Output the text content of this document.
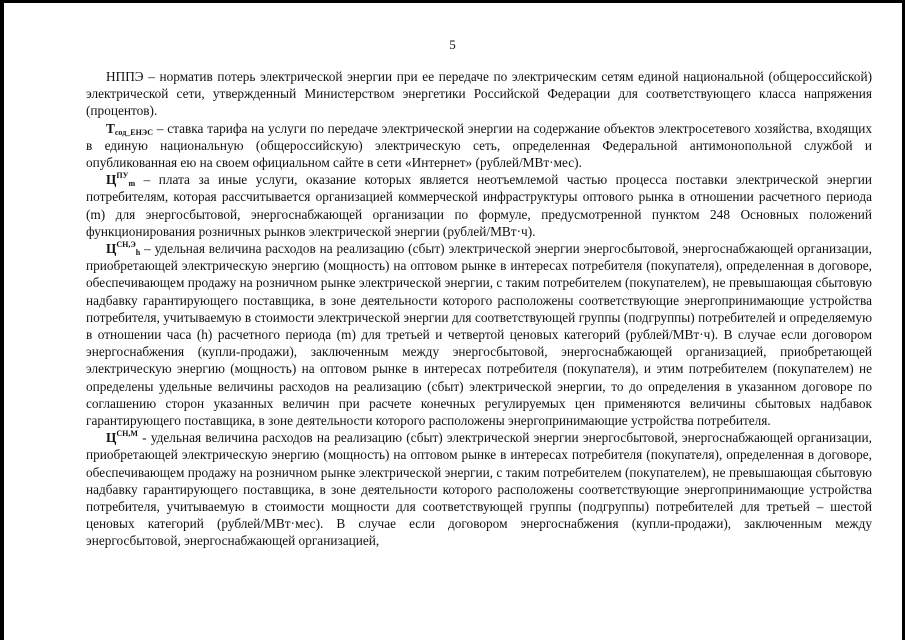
5

НППЭ – норматив потерь электрической энергии при ее передаче по электрическим сетям единой национальной (общероссийской) электрической сети, утвержденный Министерством энергетики Российской Федерации для соответствующего класса напряжения (процентов).

$Т_{сод\_ЕНЭС}$ – ставка тарифа на услуги по передаче электрической энергии на содержание объектов электросетевого хозяйства, входящих в единую национальную (общероссийскую) электрическую сеть, определенная Федеральной антимонопольной службой и опубликованная ею на своем официальном сайте в сети «Интернет» (рублей/МВт·мес).

$Ц^{ПУ}_m$ – плата за иные услуги, оказание которых является неотъемлемой частью процесса поставки электрической энергии потребителям, которая рассчитывается организацией коммерческой инфраструктуры оптового рынка в отношении расчетного периода (m) для энергосбытовой, энергоснабжающей организации по формуле, предусмотренной пунктом 248 Основных положений функционирования розничных рынков электрической энергии (рублей/МВт·ч).

$Ц^{СН,Э}_h$ – удельная величина расходов на реализацию (сбыт) электрической энергии энергосбытовой, энергоснабжающей организации, приобретающей электрическую энергию (мощность) на оптовом рынке в интересах потребителя (покупателя), определенная в договоре, обеспечивающем продажу на розничном рынке электрической энергии, с таким потребителем (покупателем), не превышающая сбытовую надбавку гарантирующего поставщика, в зоне деятельности которого расположены соответствующие энергопринимающие устройства потребителя, учитываемую в стоимости электрической энергии для соответствующей группы (подгруппы) потребителей и определяемую в отношении часа (h) расчетного периода (m) для третьей и четвертой ценовых категорий (рублей/МВт·ч). В случае если договором энергоснабжения (купли-продажи), заключенным между энергосбытовой, энергоснабжающей организацией, приобретающей электрическую энергию (мощность) на оптовом рынке в интересах потребителя (покупателя), и этим потребителем (покупателем) не определены удельные величины расходов на реализацию (сбыт) электрической энергии, то до определения в указанном договоре по соглашению сторон указанных величин при расчете конечных регулируемых цен применяются величины сбытовых надбавок гарантирующего поставщика, в зоне деятельности которого расположены энергопринимающие устройства потребителя.

$Ц^{СН,М}$ - удельная величина расходов на реализацию (сбыт) электрической энергии энергосбытовой, энергоснабжающей организации, приобретающей электрическую энергию (мощность) на оптовом рынке в интересах потребителя (покупателя), определенная в договоре, обеспечивающем продажу на розничном рынке электрической энергии, с таким потребителем (покупателем), не превышающая сбытовую надбавку гарантирующего поставщика, в зоне деятельности которого расположены соответствующие энергопринимающие устройства потребителя, учитываемую в стоимости мощности для соответствующей группы (подгруппы) потребителей для третьей – шестой ценовых категорий (рублей/МВт·мес). В случае если договором энергоснабжения (купли-продажи), заключенным между энергосбытовой, энергоснабжающей организацией,
